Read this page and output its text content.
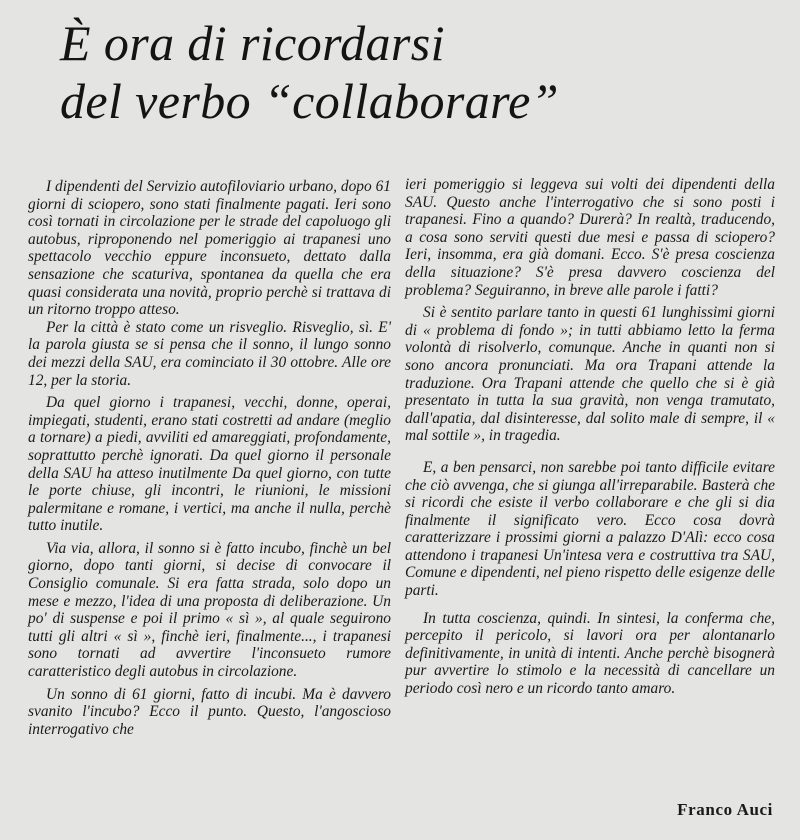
È ora di ricordarsi
del verbo “collaborare”

I dipendenti del Servizio autofiloviario urbano, dopo 61 giorni di sciopero, sono stati finalmente pagati. Ieri sono così tornati in circolazione per le strade del capoluogo gli autobus, riproponendo nel pomeriggio ai trapanesi uno spettacolo vecchio eppure inconsueto, dettato dalla sensazione che scaturiva, spontanea da quella che era quasi considerata una novità, proprio perchè si trattava di un ritorno troppo atteso.

Per la città è stato come un risveglio. Risveglio, sì. E' la parola giusta se si pensa che il sonno, il lungo sonno dei mezzi della SAU, era cominciato il 30 ottobre. Alle ore 12, per la storia.

Da quel giorno i trapanesi, vecchi, donne, operai, impiegati, studenti, erano stati costretti ad andare (meglio a tornare) a piedi, avviliti ed amareggiati, profondamente, soprattutto perchè ignorati. Da quel giorno il personale della SAU ha atteso inutilmente Da quel giorno, con tutte le porte chiuse, gli incontri, le riunioni, le missioni palermitane e romane, i vertici, ma anche il nulla, perchè tutto inutile.

Via via, allora, il sonno si è fatto incubo, finchè un bel giorno, dopo tanti giorni, si decise di convocare il Consiglio comunale. Si era fatta strada, solo dopo un mese e mezzo, l'idea di una proposta di deliberazione. Un po' di suspense e poi il primo « sì », al quale seguirono tutti gli altri « sì », finchè ieri, finalmente..., i trapanesi sono tornati ad avvertire l'inconsueto rumore caratteristico degli autobus in circolazione.

Un sonno di 61 giorni, fatto di incubi. Ma è davvero svanito l'incubo? Ecco il punto. Questo, l'angoscioso interrogativo che

ieri pomeriggio si leggeva sui volti dei dipendenti della SAU. Questo anche l'interrogativo che si sono posti i trapanesi. Fino a quando? Durerà? In realtà, traducendo, a cosa sono serviti questi due mesi e passa di sciopero? Ieri, insomma, era già domani. Ecco. S'è presa coscienza della situazione? S'è presa davvero coscienza del problema? Seguiranno, in breve alle parole i fatti?

Si è sentito parlare tanto in questi 61 lunghissimi giorni di « problema di fondo »; in tutti abbiamo letto la ferma volontà di risolverlo, comunque. Anche in quanti non si sono ancora pronunciati. Ma ora Trapani attende la traduzione. Ora Trapani attende che quello che si è già presentato in tutta la sua gravità, non venga tramutato, dall'apatia, dal disinteresse, dal solito male di sempre, il « mal sottile », in tragedia.

E, a ben pensarci, non sarebbe poi tanto difficile evitare che ciò avvenga, che si giunga all'irreparabile. Basterà che si ricordi che esiste il verbo collaborare e che gli si dia finalmente il significato vero. Ecco cosa dovrà caratterizzare i prossimi giorni a palazzo D'Alì: ecco cosa attendono i trapanesi Un'intesa vera e costruttiva tra SAU, Comune e dipendenti, nel pieno rispetto delle esigenze delle parti.

In tutta coscienza, quindi. In sintesi, la conferma che, percepito il pericolo, si lavori ora per alontanarlo definitivamente, in unità di intenti. Anche perchè bisognerà pur avvertire lo stimolo e la necessità di cancellare un periodo così nero e un ricordo tanto amaro.

Franco Auci
